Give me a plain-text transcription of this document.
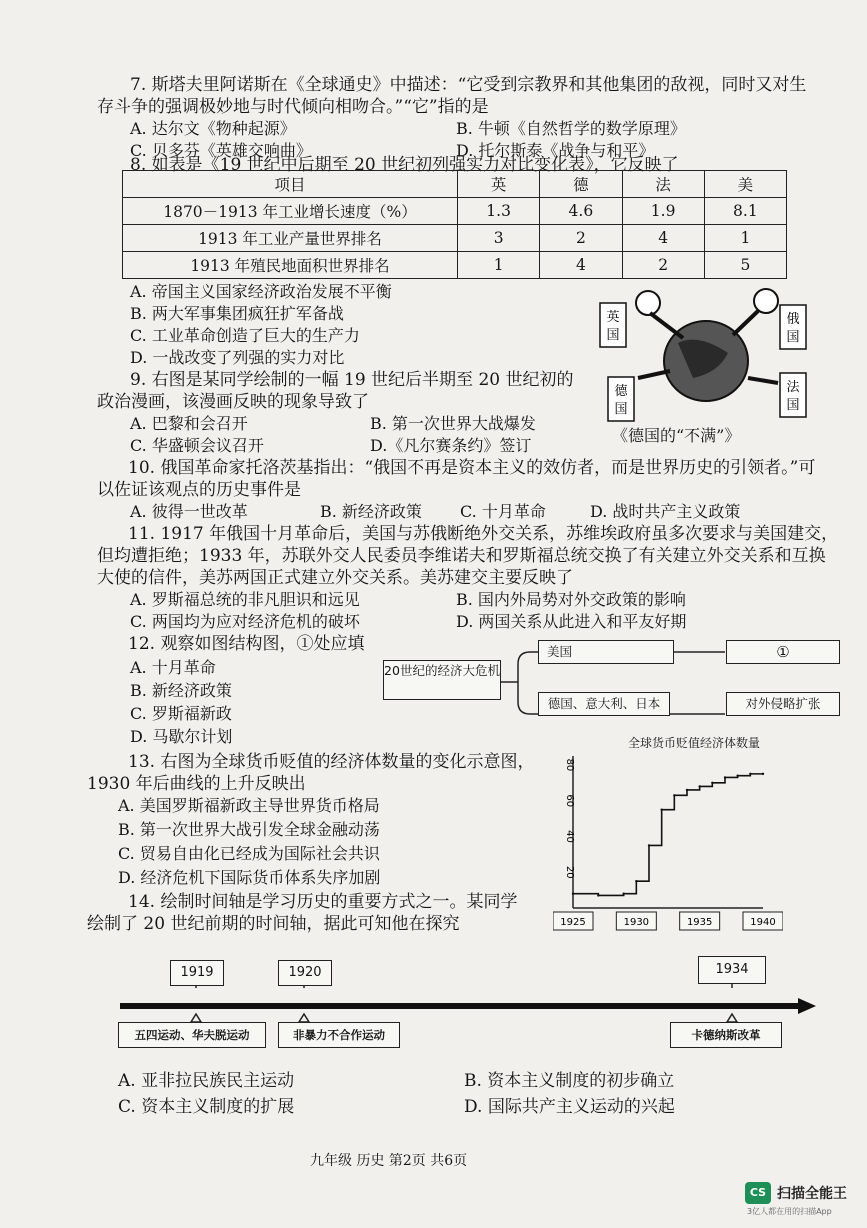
7. 斯塔夫里阿诺斯在《全球通史》中描述：“它受到宗教界和其他集团的敌视，同时又对生
存斗争的强调极妙地与时代倾向相吻合。”“它”指的是
A. 达尔文《物种起源》	B. 牛顿《自然哲学的数学原理》
C. 贝多芬《英雄交响曲》	D. 托尔斯泰《战争与和平》
8. 如表是《19 世纪中后期至 20 世纪初列强实力对比变化表》，它反映了
项目	英	德	法	美
1870－1913 年工业增长速度（%）	1.3	4.6	1.9	8.1
1913 年工业产量世界排名	3	2	4	1
1913 年殖民地面积世界排名	1	4	2	5
A. 帝国主义国家经济政治发展不平衡
B. 两大军事集团疯狂扩军备战
C. 工业革命创造了巨大的生产力
D. 一战改变了列强的实力对比
英
国
俄
国
德
国
法
国
《德国的“不满”》
9. 右图是某同学绘制的一幅 19 世纪后半期至 20 世纪初的
政治漫画，该漫画反映的现象导致了
A. 巴黎和会召开	B. 第一次世界大战爆发
C. 华盛顿会议召开	D.《凡尔赛条约》签订
10. 俄国革命家托洛茨基指出：“俄国不再是资本主义的效仿者，而是世界历史的引领者。”可
以佐证该观点的历史事件是
A. 彼得一世改革	B. 新经济政策 C. 十月革命	D. 战时共产主义政策
11. 1917 年俄国十月革命后，美国与苏俄断绝外交关系，苏维埃政府虽多次要求与美国建交，
但均遭拒绝；1933 年，苏联外交人民委员李维诺夫和罗斯福总统交换了有关建立外交关系和互换
大使的信件，美苏两国正式建立外交关系。美苏建交主要反映了
A. 罗斯福总统的非凡胆识和远见	B. 国内外局势对外交政策的影响
C. 两国均为应对经济危机的破坏	D. 两国关系从此进入和平友好期
12. 观察如图结构图，①处应填
A. 十月革命
B. 新经济政策
C. 罗斯福新政
D. 马歇尔计划
20世纪的经济大危机
美国	①
德国、意大利、日本	对外侵略扩张
13. 右图为全球货币贬值的经济体数量的变化示意图，
1930 年后曲线的上升反映出
A. 美国罗斯福新政主导世界货币格局
B. 第一次世界大战引发全球金融动荡
C. 贸易自由化已经成为国际社会共识
D. 经济危机下国际货币体系失序加剧
全球货币贬值经济体数量
20
40
60
80
1925	1930	1935	1940
14. 绘制时间轴是学习历史的重要方式之一。某同学
绘制了 20 世纪前期的时间轴，据此可知他在探究
1919	1920	1934
五四运动、华夫脱运动	非暴力不合作运动	卡德纳斯改革
A. 亚非拉民族民主运动	B. 资本主义制度的初步确立
C. 资本主义制度的扩展	D. 国际共产主义运动的兴起
九年级 历史 第2页 共6页
CS 扫描全能王
3亿人都在用的扫描App
